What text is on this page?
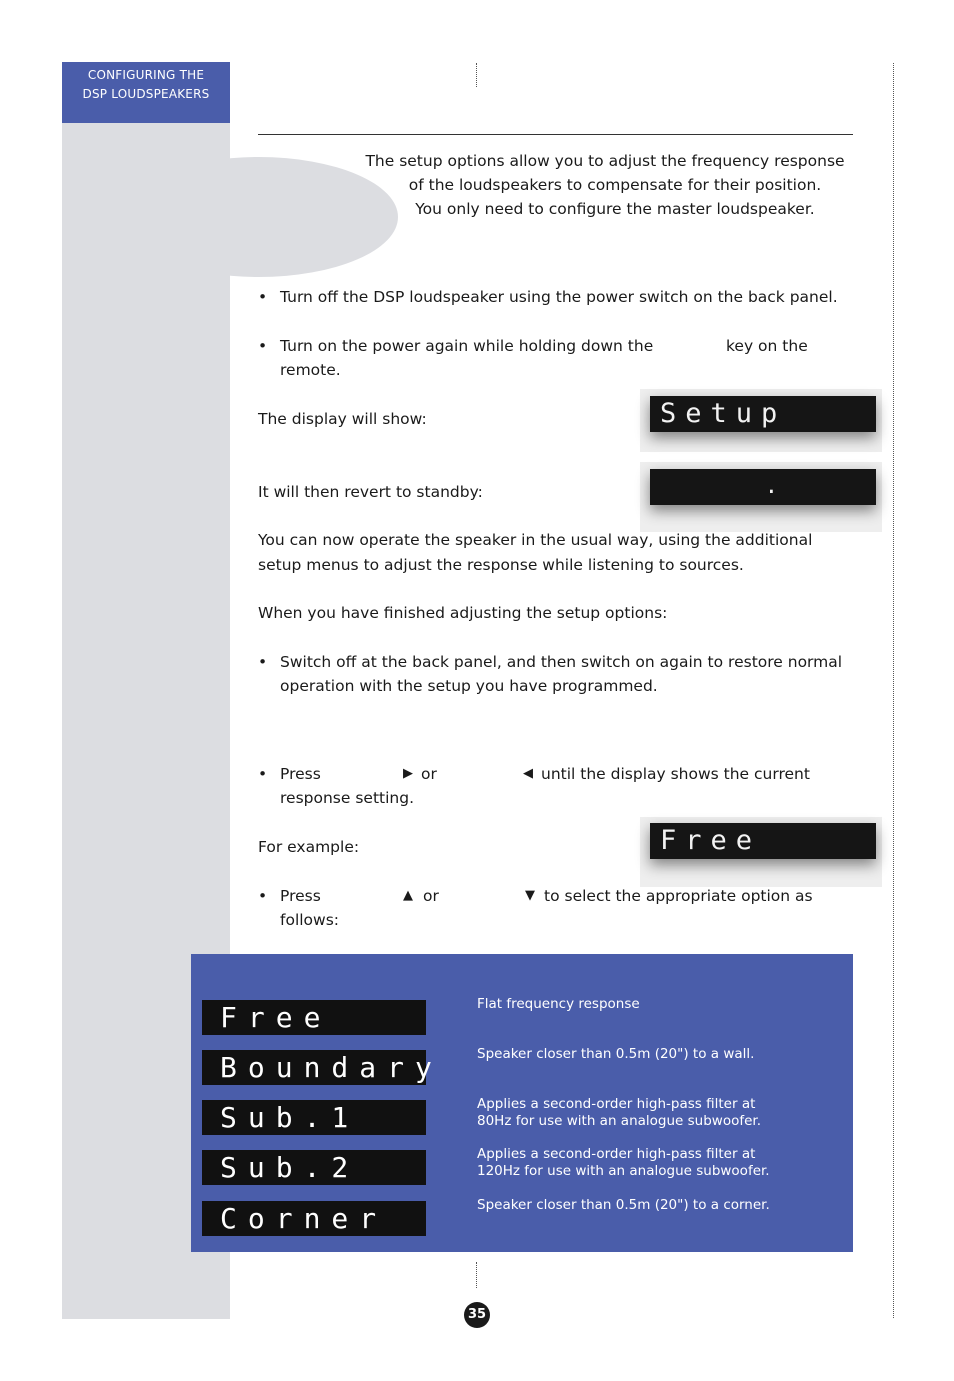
CONFIGURING THE
DSP LOUDSPEAKERS
The setup options allow you to adjust the frequency response
of the loudspeakers to compensate for their position.
You only need to configure the master loudspeaker.
• Turn off the DSP loudspeaker using the power switch on the back panel.
• Turn on the power again while holding down the	key on the
remote.
The display will show:	Setup
It will then revert to standby:	.
You can now operate the speaker in the usual way, using the additional
setup menus to adjust the response while listening to sources.
When you have finished adjusting the setup options:
• Switch off at the back panel, and then switch on again to restore normal
operation with the setup you have programmed.
• Press	▶ or	◀ until the display shows the current
response setting.
For example:	Free
• Press	▲ or	▼ to select the appropriate option as
follows:
Free	Flat frequency response
Boundary	Speaker closer than 0.5m (20") to a wall.
Sub.1	Applies a second-order high-pass filter at
80Hz for use with an analogue subwoofer.
Sub.2	Applies a second-order high-pass filter at
120Hz for use with an analogue subwoofer.
Corner	Speaker closer than 0.5m (20") to a corner.
35
